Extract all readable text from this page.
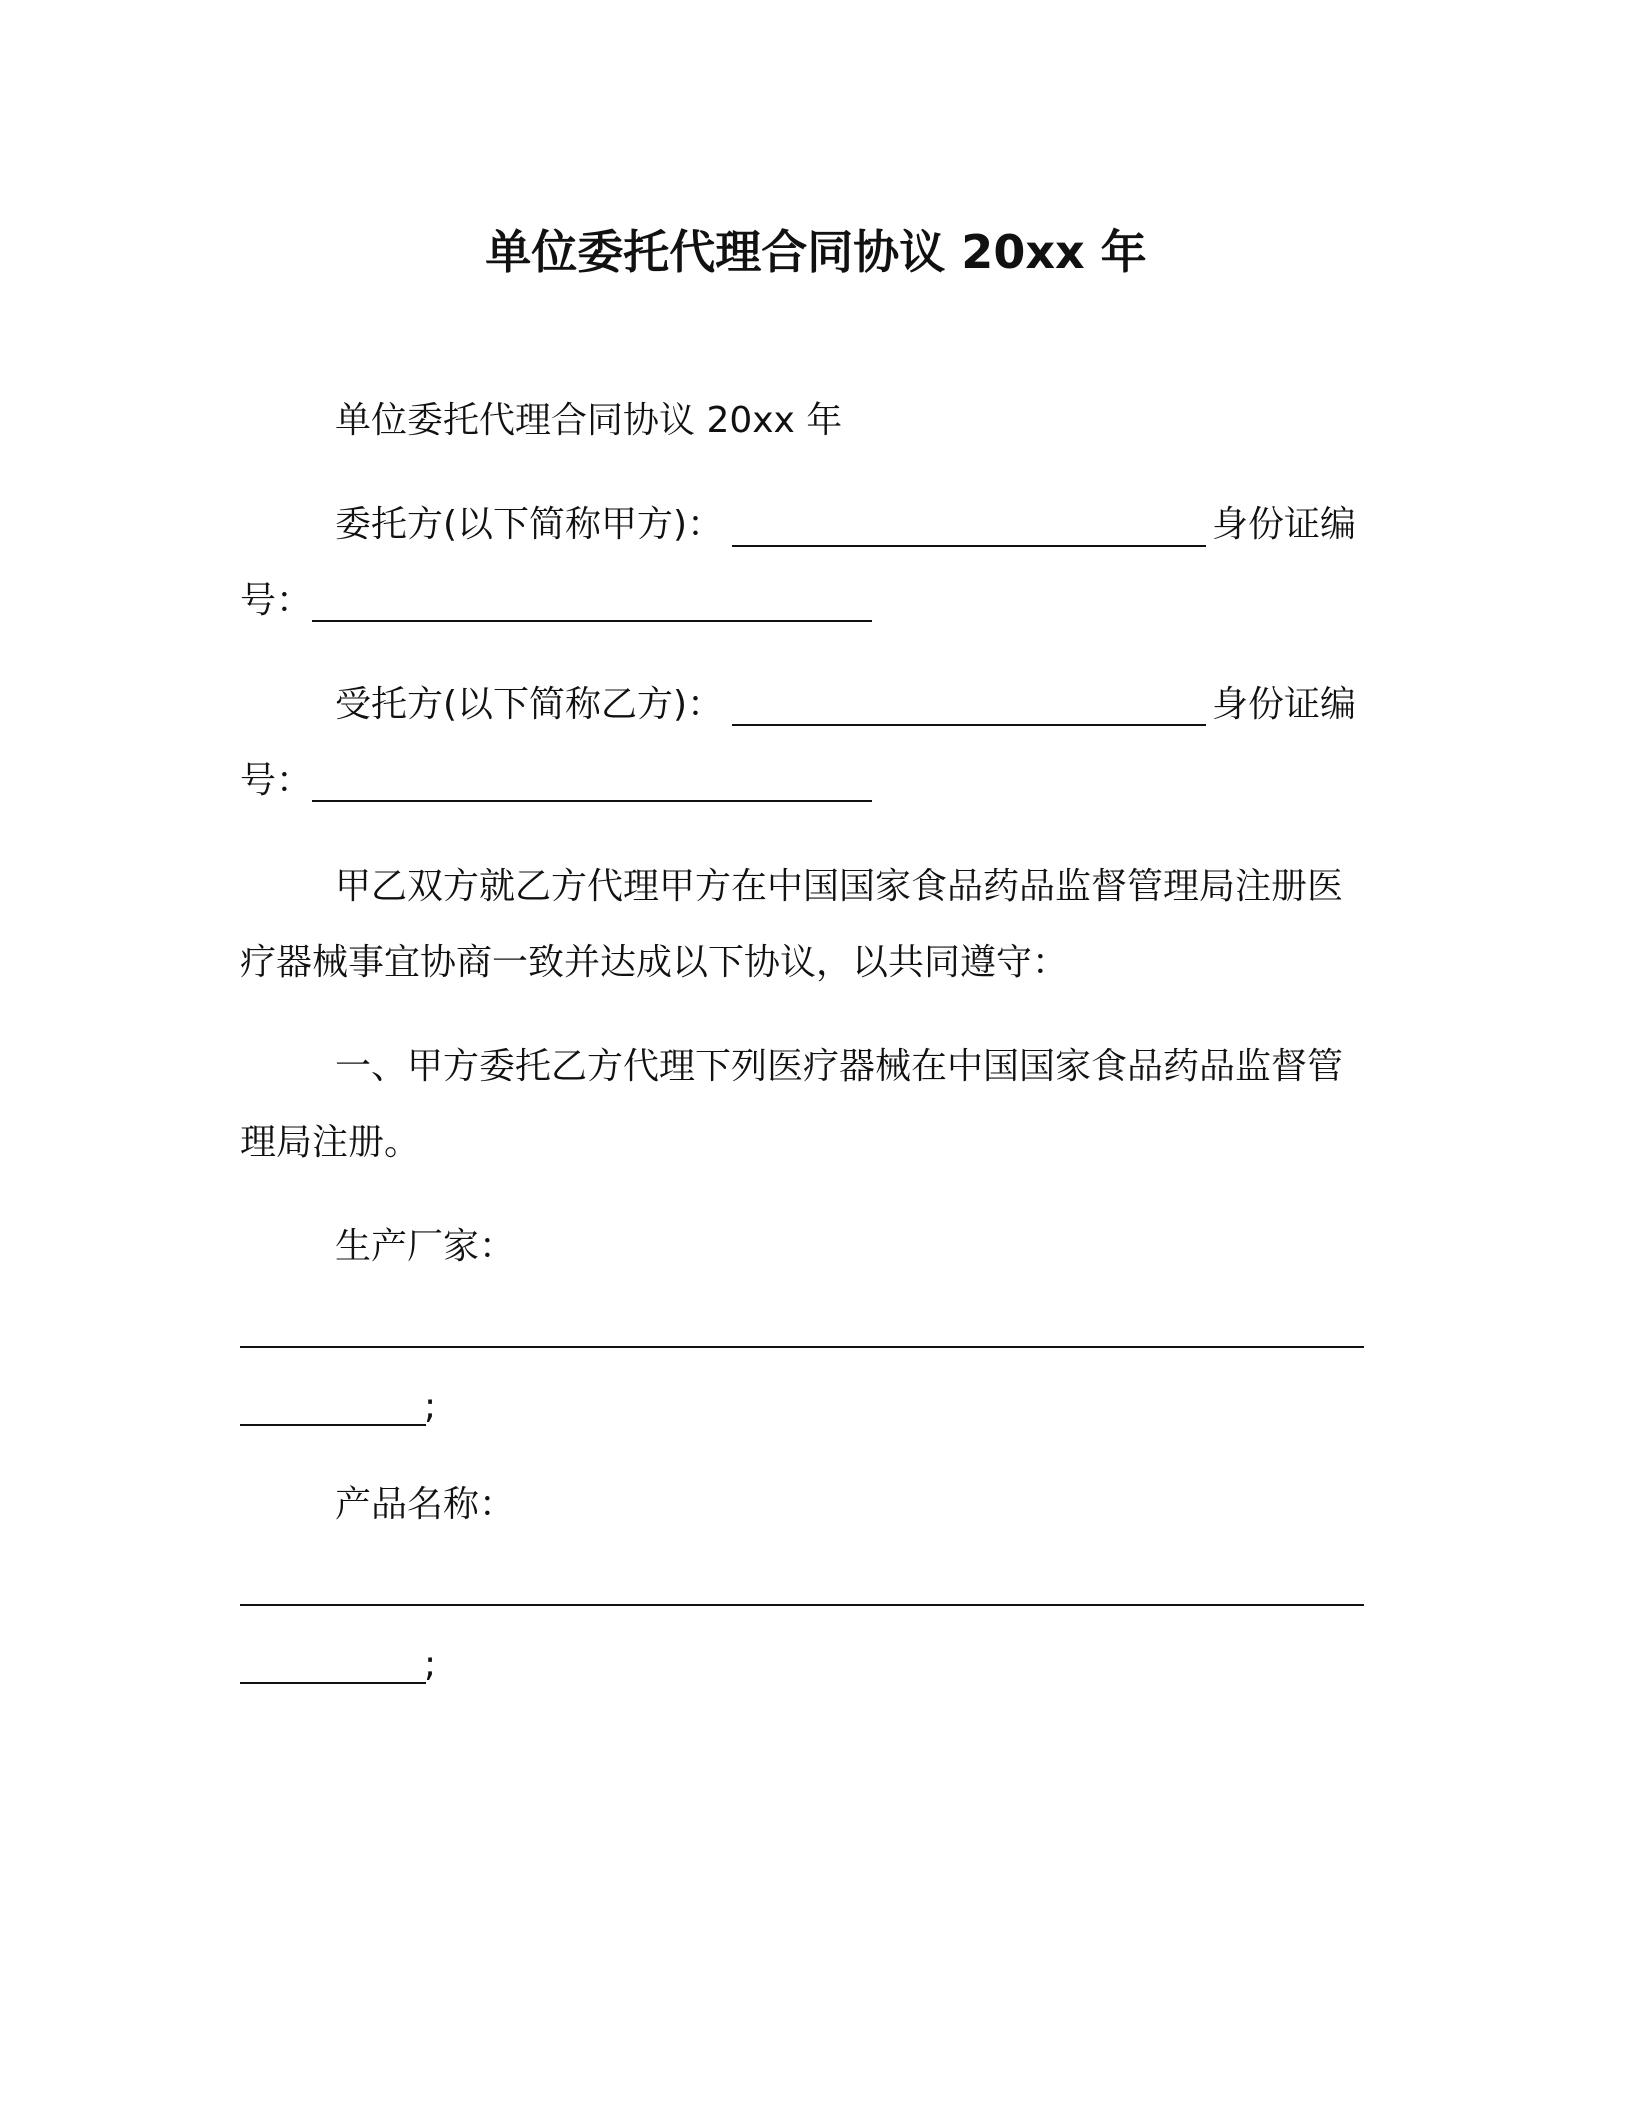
单位委托代理合同协议 20xx 年
单位委托代理合同协议 20xx 年
委托方(以下简称甲方)：	身份证编
号：
受托方(以下简称乙方)：	身份证编
号：
甲乙双方就乙方代理甲方在中国国家食品药品监督管理局注册医
疗器械事宜协商一致并达成以下协议，以共同遵守：
一、甲方委托乙方代理下列医疗器械在中国国家食品药品监督管
理局注册。
生产厂家：
;
产品名称：
;
